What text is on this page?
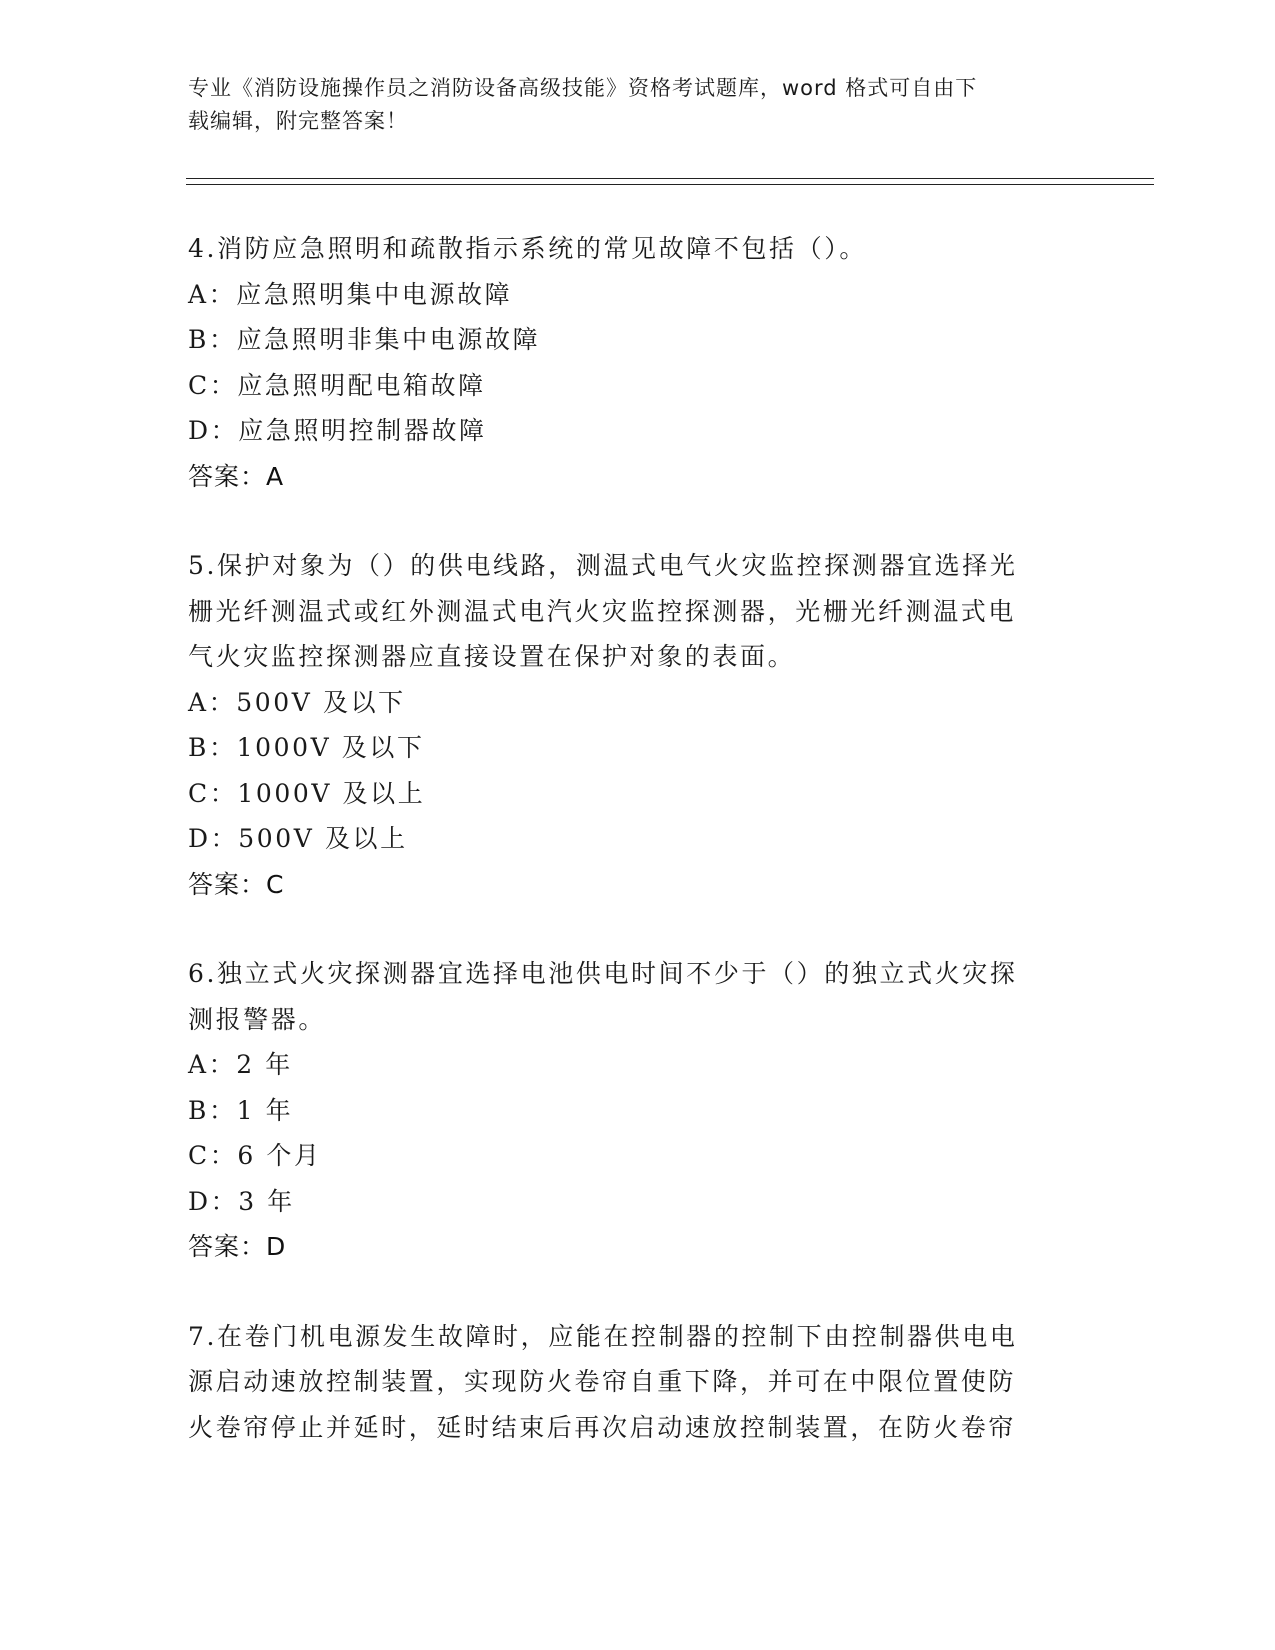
专业《消防设施操作员之消防设备高级技能》资格考试题库，word 格式可自由下
载编辑，附完整答案！
4.消防应急照明和疏散指示系统的常见故障不包括（）。
A：应急照明集中电源故障
B：应急照明非集中电源故障
C：应急照明配电箱故障
D：应急照明控制器故障
答案：A
5.保护对象为（）的供电线路，测温式电气火灾监控探测器宜选择光
栅光纤测温式或红外测温式电汽火灾监控探测器，光栅光纤测温式电
气火灾监控探测器应直接设置在保护对象的表面。
A：500V 及以下
B：1000V 及以下
C：1000V 及以上
D：500V 及以上
答案：C
6.独立式火灾探测器宜选择电池供电时间不少于（）的独立式火灾探
测报警器。
A：2 年
B：1 年
C：6 个月
D：3 年
答案：D
7.在卷门机电源发生故障时，应能在控制器的控制下由控制器供电电
源启动速放控制装置，实现防火卷帘自重下降，并可在中限位置使防
火卷帘停止并延时，延时结束后再次启动速放控制装置，在防火卷帘
